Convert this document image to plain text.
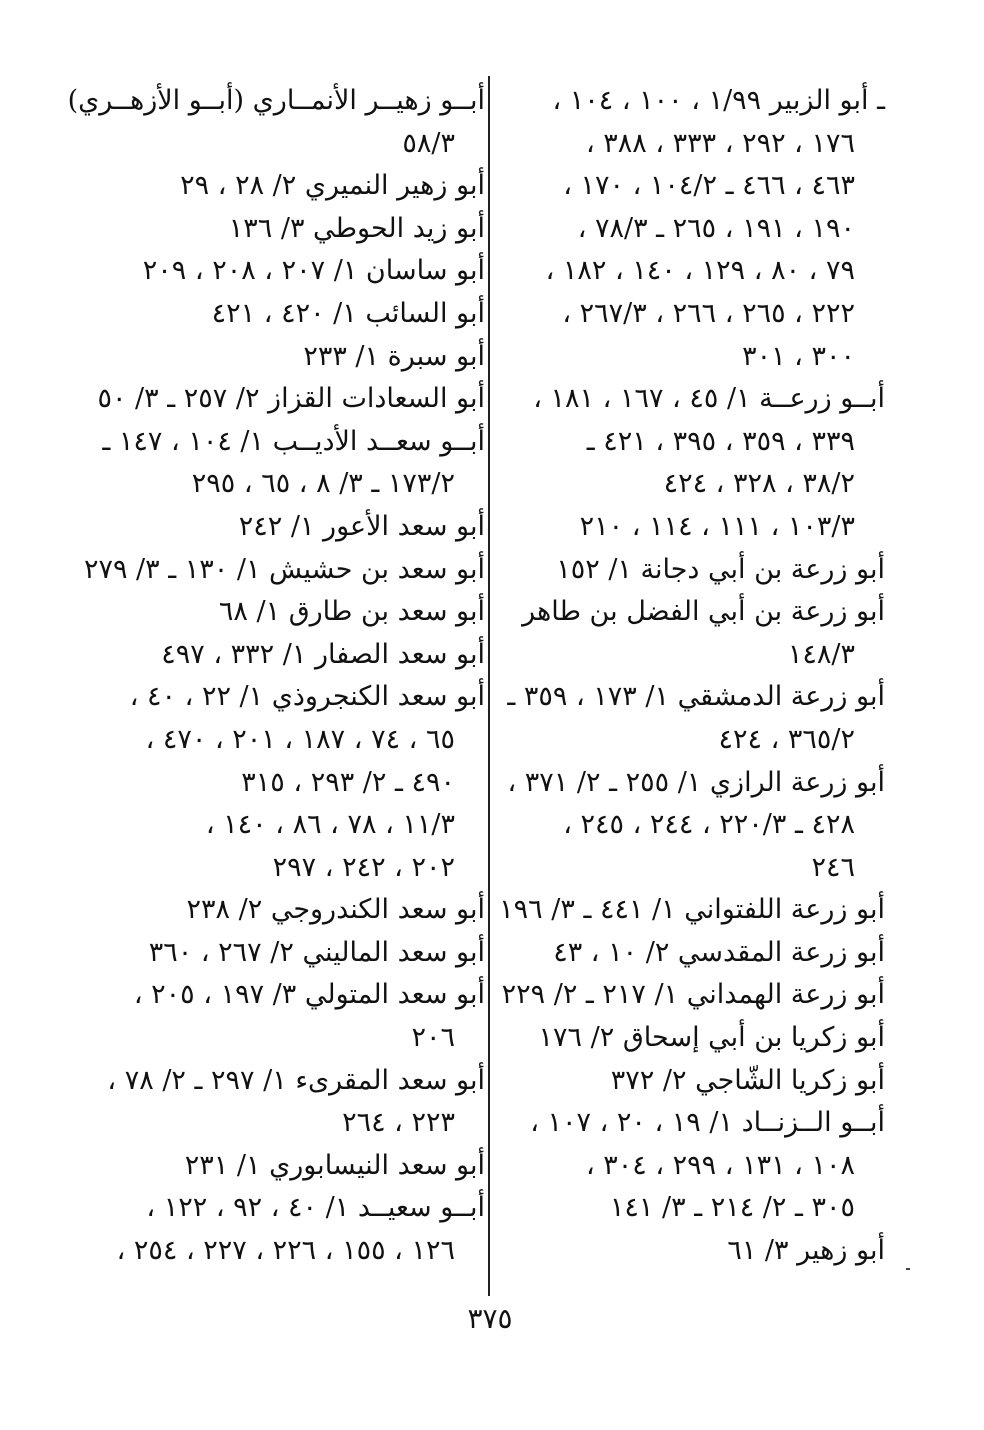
ـ أبو الزبير ١/٩٩ ، ١٠٠ ، ١٠٤ ،
١٧٦ ، ٢٩٢ ، ٣٣٣ ، ٣٨٨ ،
٤٦٣ ، ٤٦٦ ـ ١٠٤/٢ ، ١٧٠ ،
١٩٠ ، ١٩١ ، ٢٦٥ ـ ٧٨/٣ ،
٧٩ ، ٨٠ ، ١٢٩ ، ١٤٠ ، ١٨٢ ،
٢٢٢ ، ٢٦٥ ، ٢٦٦ ، ٢٦٧/٣ ،
٣٠٠ ، ٣٠١
أبــو زرعــة ١/ ٤٥ ، ١٦٧ ، ١٨١ ،
٣٣٩ ، ٣٥٩ ، ٣٩٥ ، ٤٢١ ـ
٣٨/٢ ، ٣٢٨ ، ٤٢٤
١٠٣/٣ ، ١١١ ، ١١٤ ، ٢١٠
أبو زرعة بن أبي دجانة ١/ ١٥٢
أبو زرعة بن أبي الفضل بن طاهر
١٤٨/٣
أبو زرعة الدمشقي ١/ ١٧٣ ، ٣٥٩ ـ
٣٦٥/٢ ، ٤٢٤
أبو زرعة الرازي ١/ ٢٥٥ ـ ٢/ ٣٧١ ،
٤٢٨ ـ ٢٢٠/٣ ، ٢٤٤ ، ٢٤٥ ،
٢٤٦
أبو زرعة اللفتواني ١/ ٤٤١ ـ ٣/ ١٩٦
أبو زرعة المقدسي ٢/ ١٠ ، ٤٣
أبو زرعة الهمداني ١/ ٢١٧ ـ ٢/ ٢٢٩
أبو زكريا بن أبي إسحاق ٢/ ١٧٦
أبو زكريا الشّاجي ٢/ ٣٧٢
أبــو الــزنــاد ١/ ١٩ ، ٢٠ ، ١٠٧ ،
١٠٨ ، ١٣١ ، ٢٩٩ ، ٣٠٤ ،
٣٠٥ ـ ٢/ ٢١٤ ـ ٣/ ١٤١
أبو زهير ٣/ ٦١
أبــو زهيــر الأنمــاري (أبــو الأزهــري)
٥٨/٣
أبو زهير النميري ٢/ ٢٨ ، ٢٩
أبو زيد الحوطي ٣/ ١٣٦
أبو ساسان ١/ ٢٠٧ ، ٢٠٨ ، ٢٠٩
أبو السائب ١/ ٤٢٠ ، ٤٢١
أبو سبرة ١/ ٢٣٣
أبو السعادات القزاز ٢/ ٢٥٧ ـ ٣/ ٥٠
أبــو سعــد الأديــب ١/ ١٠٤ ، ١٤٧ ـ
١٧٣/٢ ـ ٣/ ٨ ، ٦٥ ، ٢٩٥
أبو سعد الأعور ١/ ٢٤٢
أبو سعد بن حشيش ١/ ١٣٠ ـ ٣/ ٢٧٩
أبو سعد بن طارق ١/ ٦٨
أبو سعد الصفار ١/ ٣٣٢ ، ٤٩٧
أبو سعد الكنجروذي ١/ ٢٢ ، ٤٠ ،
٦٥ ، ٧٤ ، ١٨٧ ، ٢٠١ ، ٤٧٠ ،
٤٩٠ ـ ٢/ ٢٩٣ ، ٣١٥
١١/٣ ، ٧٨ ، ٨٦ ، ١٤٠ ،
٢٠٢ ، ٢٤٢ ، ٢٩٧
أبو سعد الكندروجي ٢/ ٢٣٨
أبو سعد الماليني ٢/ ٢٦٧ ، ٣٦٠
أبو سعد المتولي ٣/ ١٩٧ ، ٢٠٥ ،
٢٠٦
أبو سعد المقرىء ١/ ٢٩٧ ـ ٢/ ٧٨ ،
٢٢٣ ، ٢٦٤
أبو سعد النيسابوري ١/ ٢٣١
أبــو سعيــد ١/ ٤٠ ، ٩٢ ، ١٢٢ ،
١٢٦ ، ١٥٥ ، ٢٢٦ ، ٢٢٧ ، ٢٥٤ ،
٣٧٥
